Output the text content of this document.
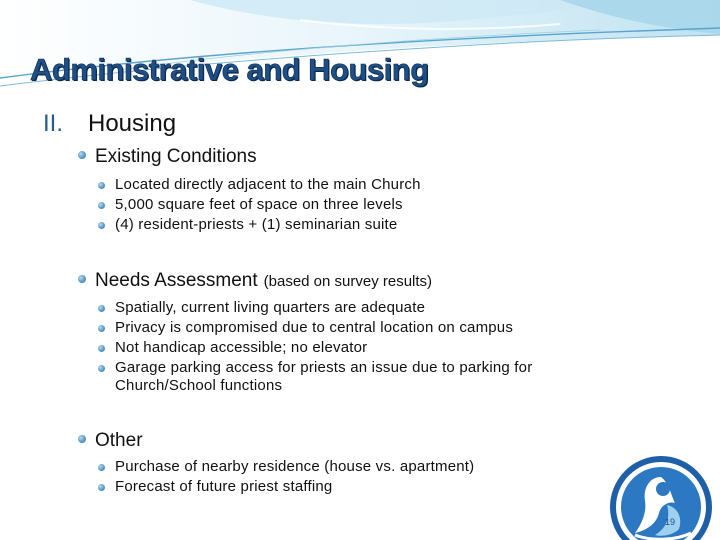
Administrative and Housing
II.	Housing
Existing Conditions
Located directly adjacent to the main Church
5,000 square feet of space on three levels
(4) resident-priests + (1) seminarian suite
Needs Assessment (based on survey results)
Spatially, current living quarters are adequate
Privacy is compromised due to central location on campus
Not handicap accessible; no elevator
Garage parking access for priests an issue due to parking for Church/School functions
Other
Purchase of nearby residence (house vs. apartment)
Forecast of future priest staffing
19
